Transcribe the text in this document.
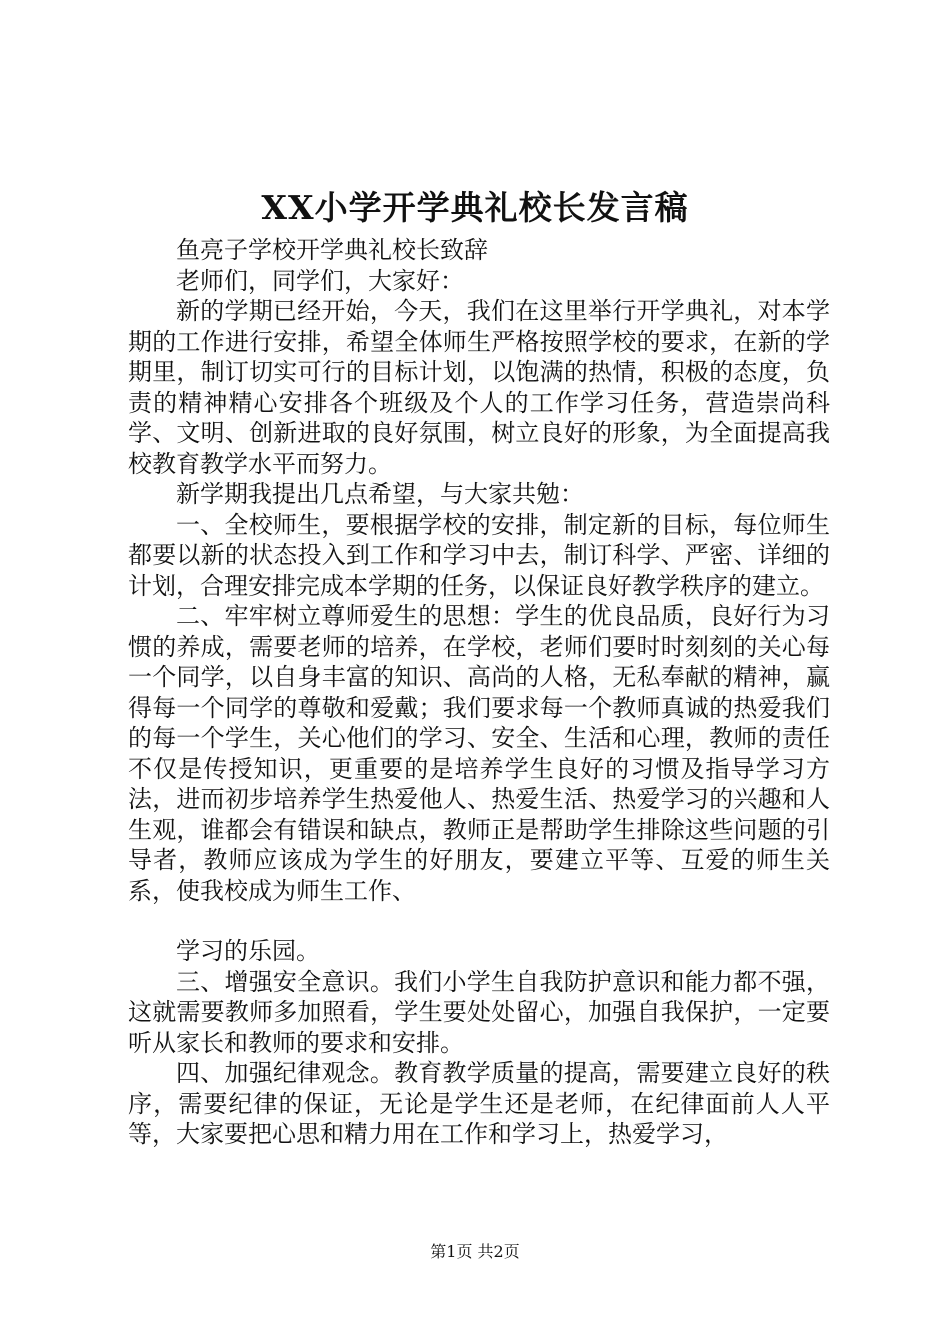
XX小学开学典礼校长发言稿

鱼亮子学校开学典礼校长致辞

老师们，同学们，大家好：

新的学期已经开始，今天，我们在这里举行开学典礼，对本学期的工作进行安排，希望全体师生严格按照学校的要求，在新的学期里，制订切实可行的目标计划，以饱满的热情，积极的态度，负责的精神精心安排各个班级及个人的工作学习任务，营造崇尚科学、文明、创新进取的良好氛围，树立良好的形象，为全面提高我校教育教学水平而努力。

新学期我提出几点希望，与大家共勉：

一、全校师生，要根据学校的安排，制定新的目标，每位师生都要以新的状态投入到工作和学习中去，制订科学、严密、详细的计划，合理安排完成本学期的任务，以保证良好教学秩序的建立。

二、牢牢树立尊师爱生的思想：学生的优良品质，良好行为习惯的养成，需要老师的培养，在学校，老师们要时时刻刻的关心每一个同学，以自身丰富的知识、高尚的人格，无私奉献的精神，赢得每一个同学的尊敬和爱戴；我们要求每一个教师真诚的热爱我们的每一个学生，关心他们的学习、安全、生活和心理，教师的责任不仅是传授知识，更重要的是培养学生良好的习惯及指导学习方法，进而初步培养学生热爱他人、热爱生活、热爱学习的兴趣和人生观，谁都会有错误和缺点，教师正是帮助学生排除这些问题的引导者，教师应该成为学生的好朋友，要建立平等、互爱的师生关系，使我校成为师生工作、

学习的乐园。

三、增强安全意识。我们小学生自我防护意识和能力都不强，这就需要教师多加照看，学生要处处留心，加强自我保护，一定要听从家长和教师的要求和安排。

四、加强纪律观念。教育教学质量的提高，需要建立良好的秩序，需要纪律的保证，无论是学生还是老师，在纪律面前人人平等，大家要把心思和精力用在工作和学习上，热爱学习，

第1页 共2页
